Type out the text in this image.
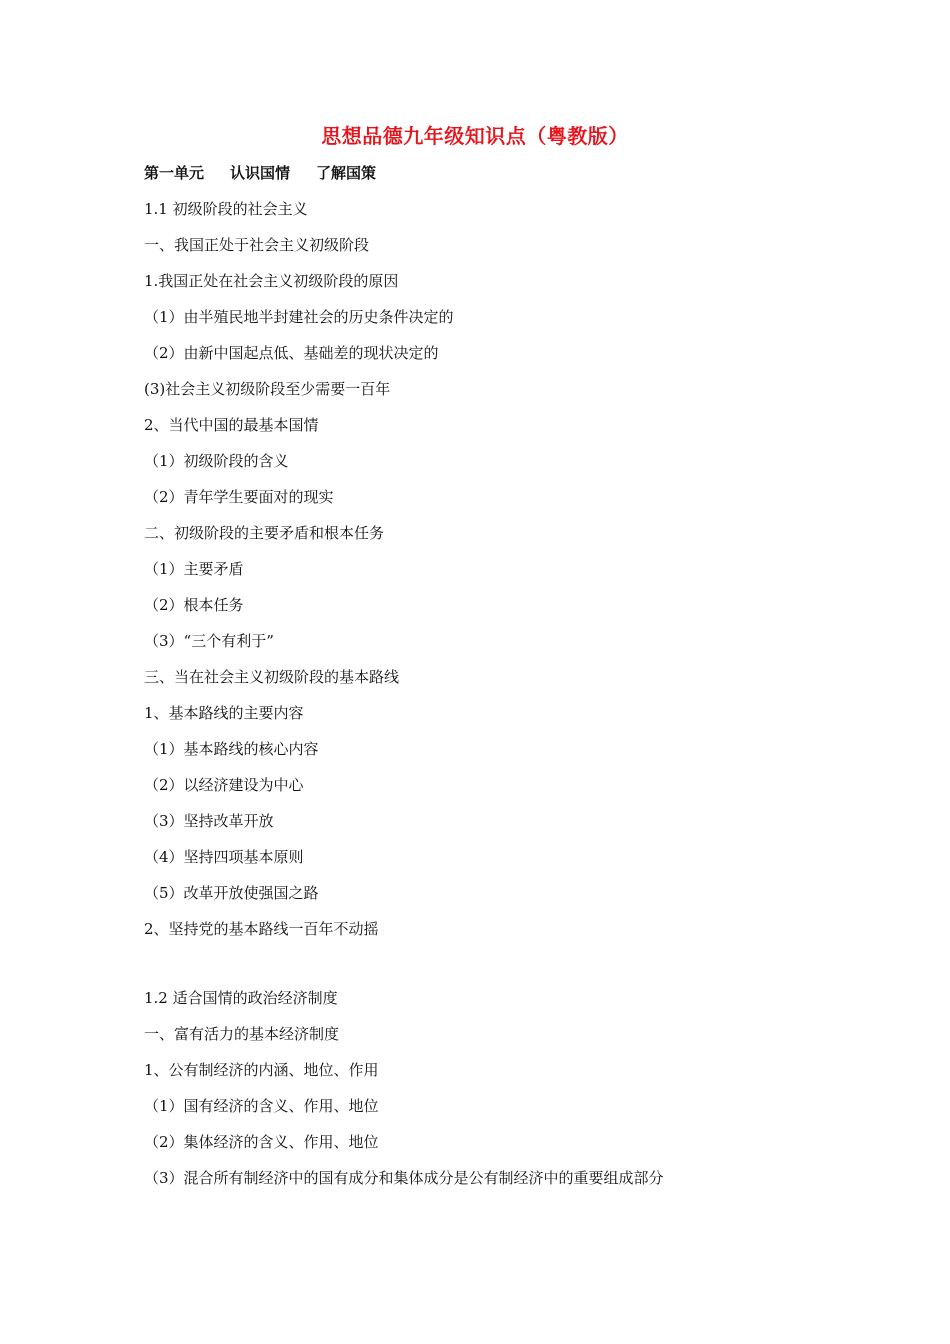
思想品德九年级知识点（粤教版）
第一单元 认识国情 了解国策
1.1 初级阶段的社会主义
一、我国正处于社会主义初级阶段
1.我国正处在社会主义初级阶段的原因
（1）由半殖民地半封建社会的历史条件决定的
（2）由新中国起点低、基础差的现状决定的
(3)社会主义初级阶段至少需要一百年
2、当代中国的最基本国情
（1）初级阶段的含义
（2）青年学生要面对的现实
二、初级阶段的主要矛盾和根本任务
（1）主要矛盾
（2）根本任务
（3）“三个有利于”
三、当在社会主义初级阶段的基本路线
1、基本路线的主要内容
（1）基本路线的核心内容
（2）以经济建设为中心
（3）坚持改革开放
（4）坚持四项基本原则
（5）改革开放使强国之路
2、坚持党的基本路线一百年不动摇
1.2 适合国情的政治经济制度
一、富有活力的基本经济制度
1、公有制经济的内涵、地位、作用
（1）国有经济的含义、作用、地位
（2）集体经济的含义、作用、地位
（3）混合所有制经济中的国有成分和集体成分是公有制经济中的重要组成部分
